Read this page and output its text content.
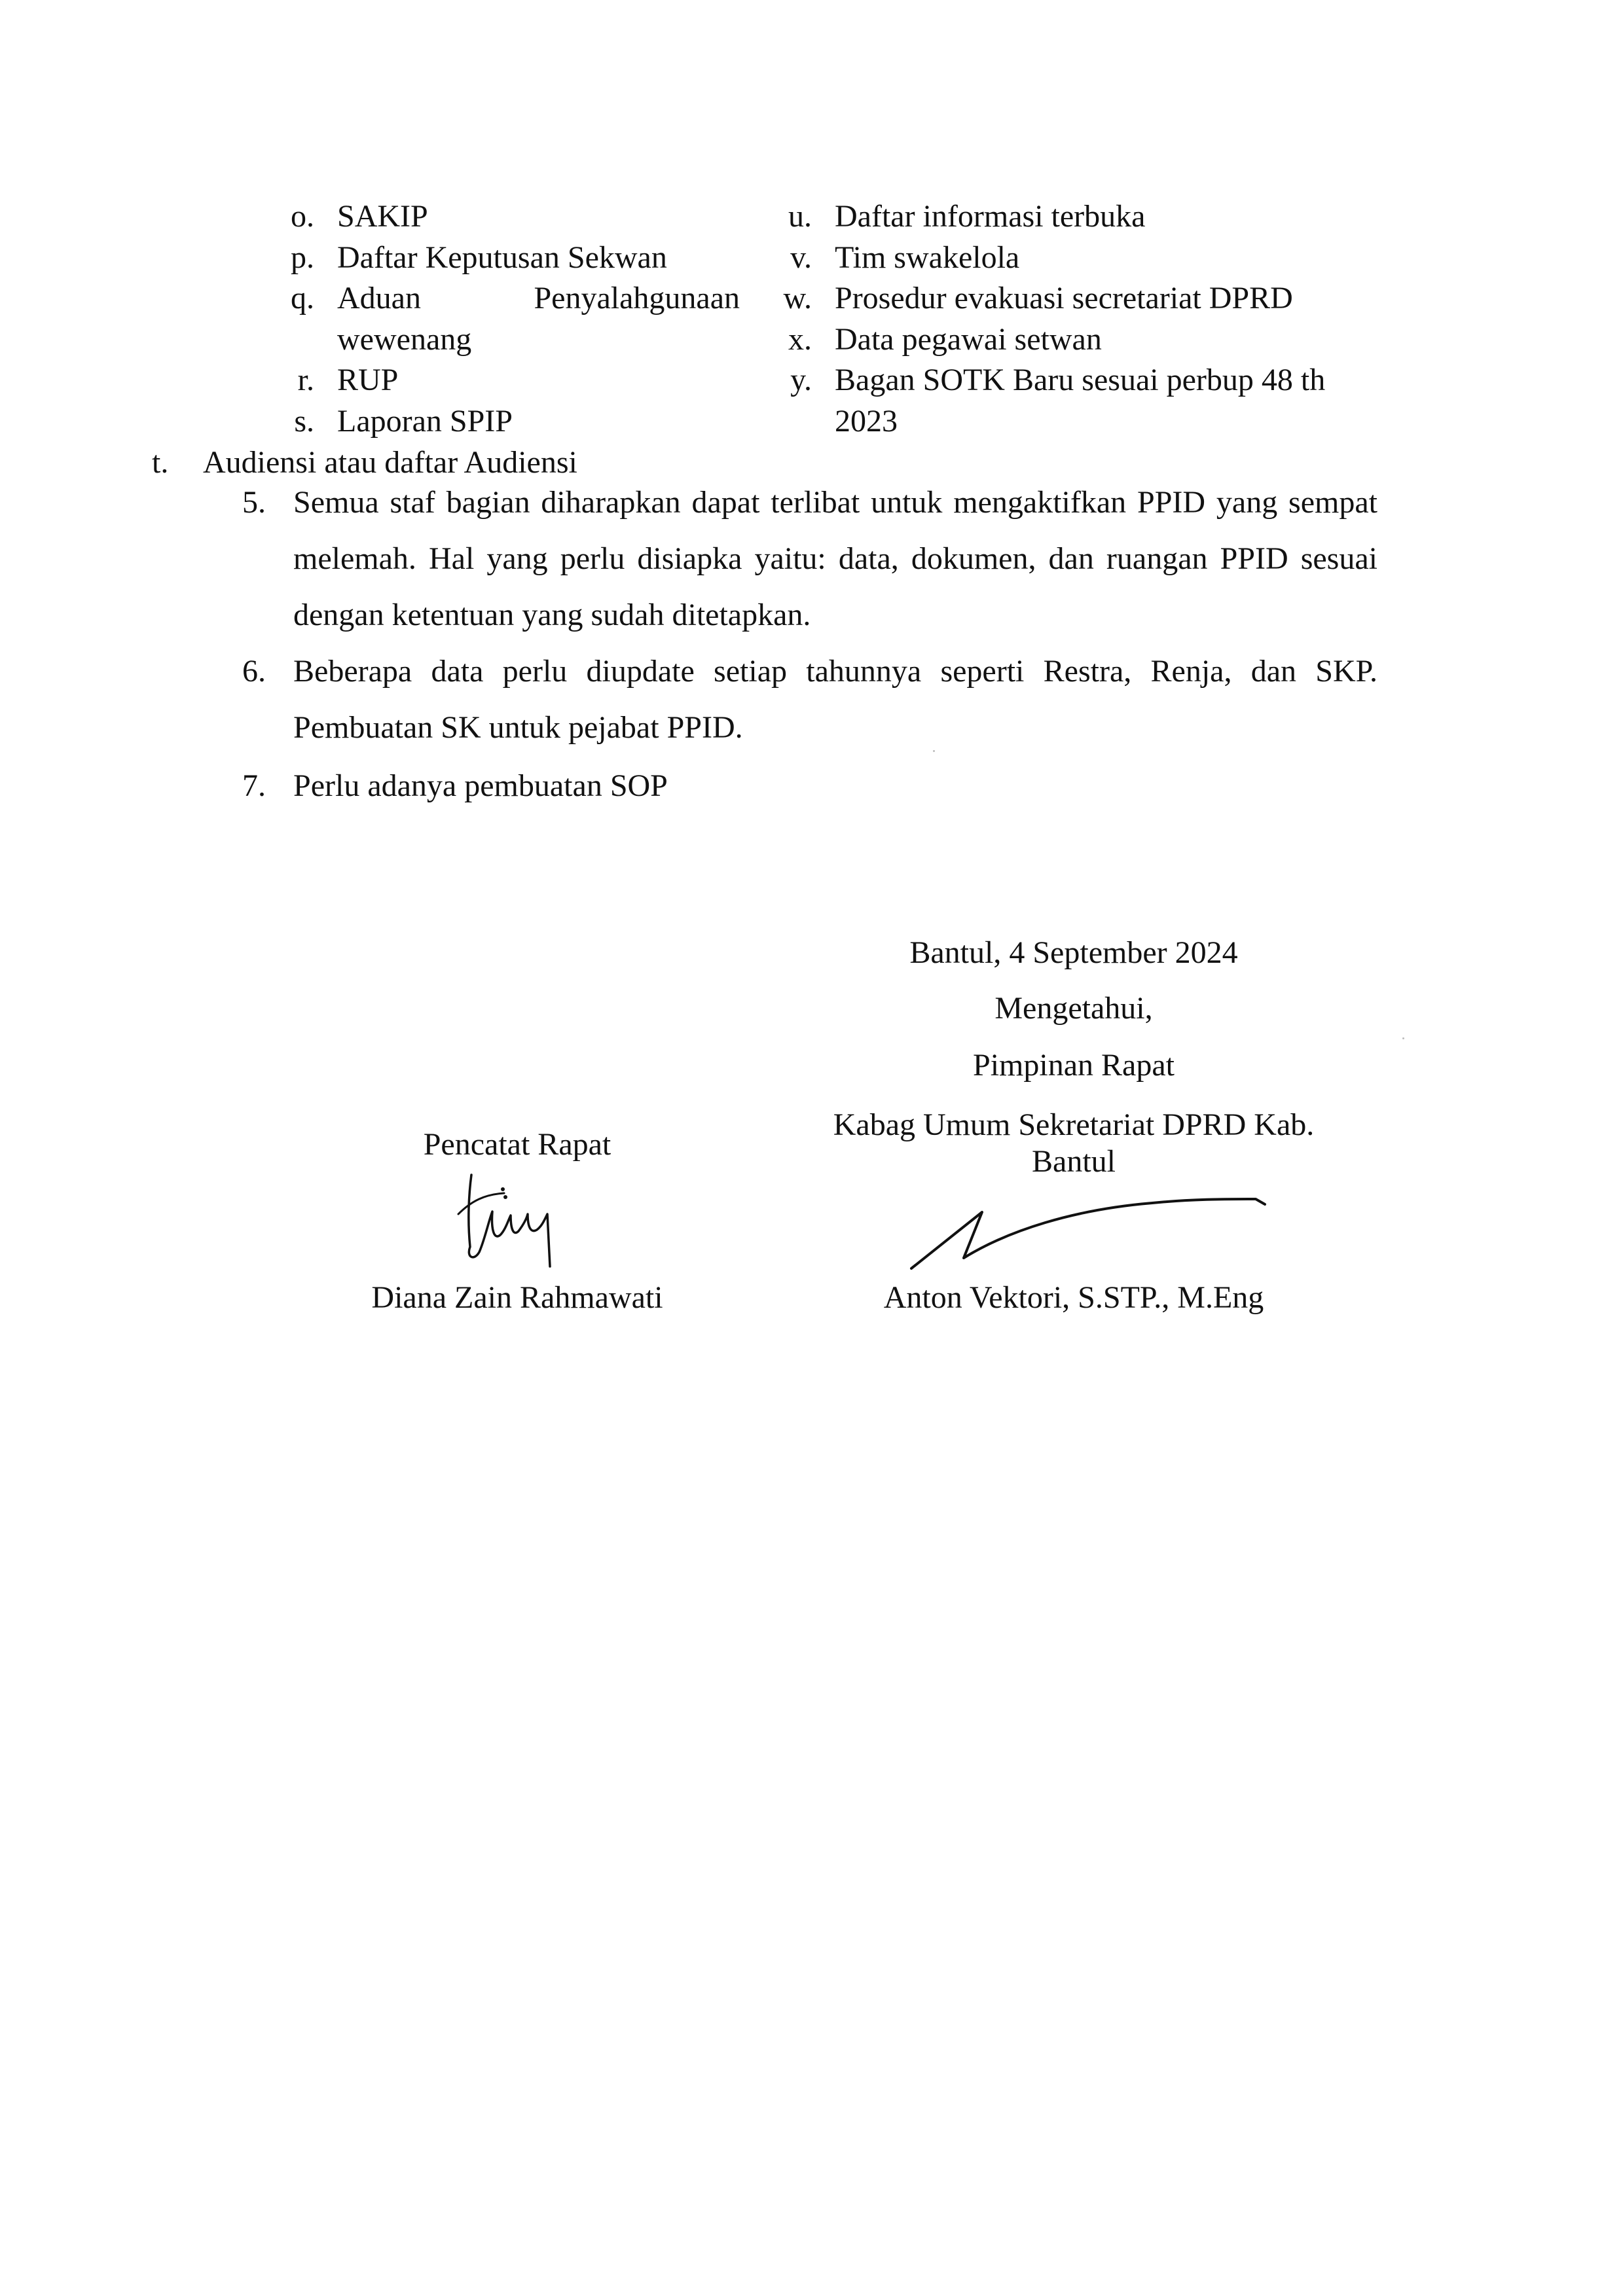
o. SAKIP
p. Daftar Keputusan Sekwan
q. Aduan	Penyalahgunaan
wewenang
r. RUP
s. Laporan SPIP
u. Daftar informasi terbuka
v. Tim swakelola
w. Prosedur evakuasi secretariat DPRD
x. Data pegawai setwan
y. Bagan SOTK Baru sesuai perbup 48 th
2023
t. Audiensi atau daftar Audiensi
5. Semua staf bagian diharapkan dapat terlibat untuk mengaktifkan PPID yang sempat
melemah. Hal yang perlu disiapka yaitu: data, dokumen, dan ruangan PPID sesuai
dengan ketentuan yang sudah ditetapkan.
6. Beberapa data perlu diupdate setiap tahunnya seperti Restra, Renja, dan SKP.
Pembuatan SK untuk pejabat PPID.
7. Perlu adanya pembuatan SOP
Bantul, 4 September 2024
Mengetahui,
Pimpinan Rapat
Kabag Umum Sekretariat DPRD Kab.
Bantul
Anton Vektori, S.STP., M.Eng
Pencatat Rapat
Diana Zain Rahmawati
